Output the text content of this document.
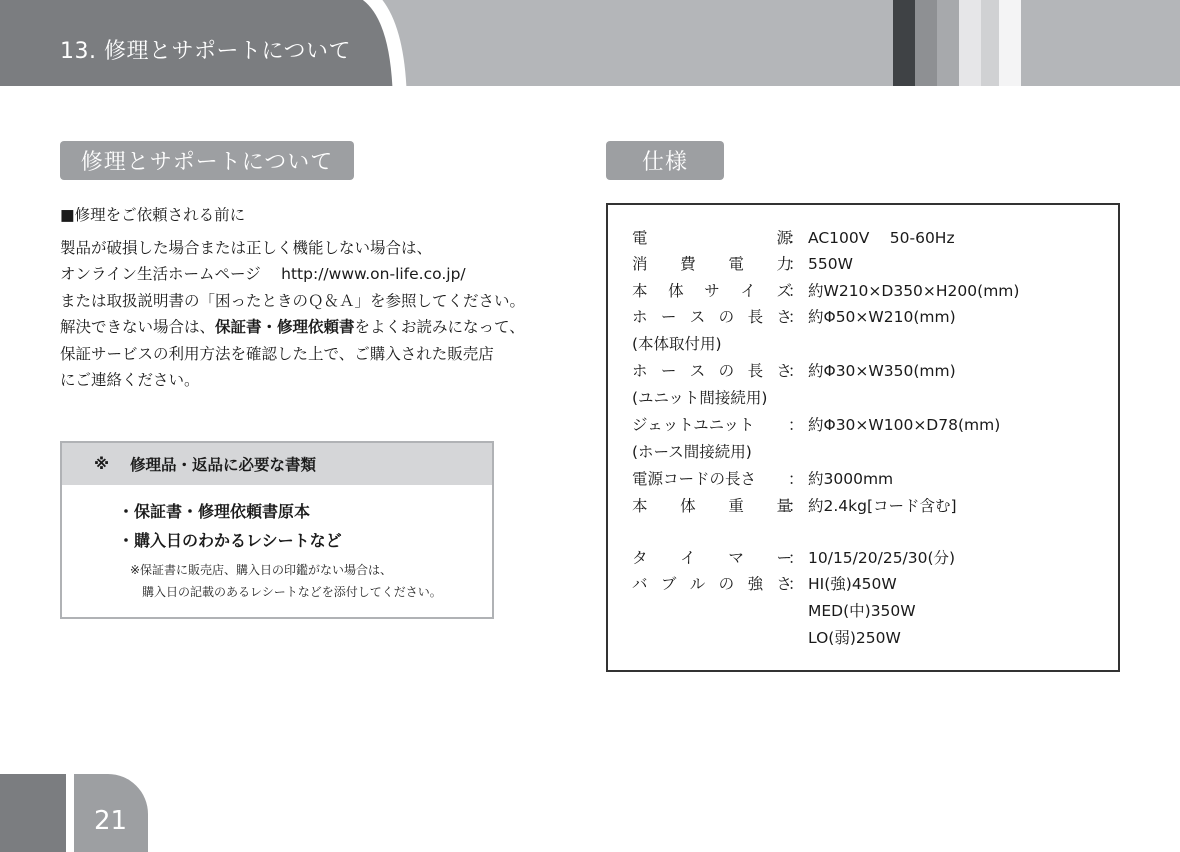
13. 修理とサポートについて
修理とサポートについて
■修理をご依頼される前に
製品が破損した場合または正しく機能しない場合は、
オンライン生活ホームページ　 http://www.on-life.co.jp/
または取扱説明書の「困ったときのＱ＆Ａ」を参照してください。
解決できない場合は、保証書・修理依頼書をよくお読みになって、
保証サービスの利用方法を確認した上で、ご購入された販売店
にご連絡ください。
※	修理品・返品に必要な書類
・保証書・修理依頼書原本
・購入日のわかるレシートなど
※保証書に販売店、購入日の印鑑がない場合は、
購入日の記載のあるレシートなどを添付してください。
仕様
電	源
： AC100V　 50-60Hz
消 費 電 力
： 550W
本 体 サ イ ズ
： 約W210×D350×H200(mm)
ホ ー ス の 長 さ
： 約Φ50×W210(mm)
(本体取付用)
ホ ー ス の 長 さ
： 約Φ30×W350(mm)
(ユニット間接続用)
ジェットユニット ： 約Φ30×W100×D78(mm)
(ホース間接続用)
電源コードの長さ ： 約3000mm
本 体 重 量
： 約2.4kg[コード含む]
タ イ マ ー
： 10/15/20/25/30(分)
バ ブ ル の 強 さ
： HI(強)450W
MED(中)350W
LO(弱)250W
21
